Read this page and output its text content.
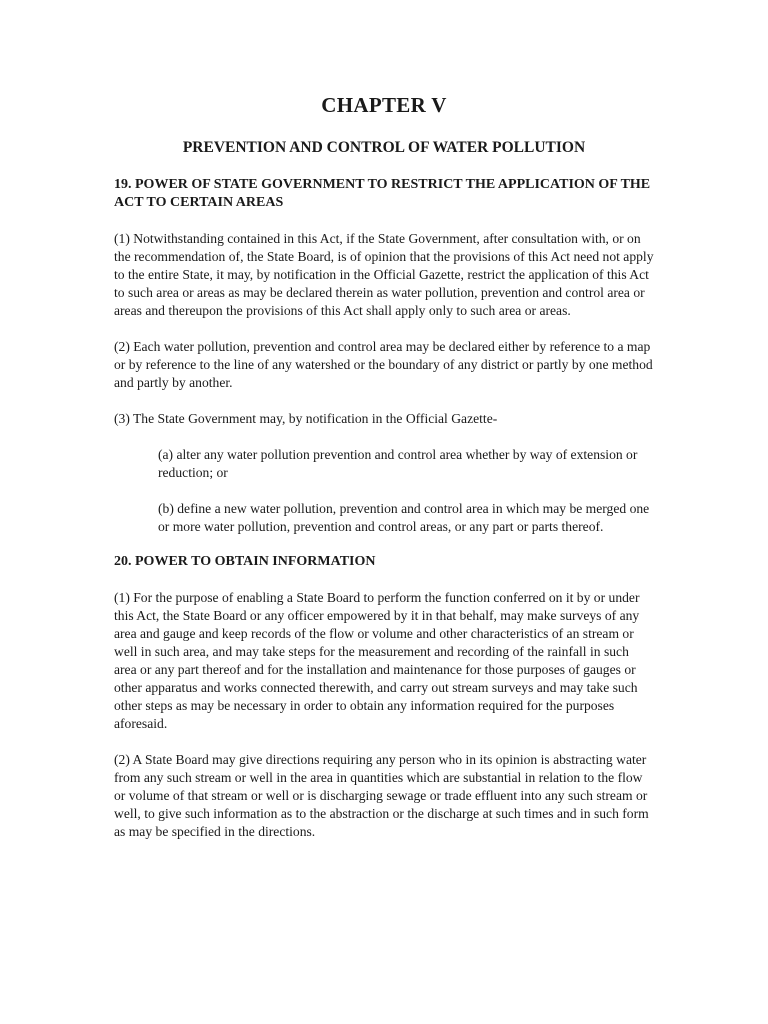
CHAPTER V
PREVENTION AND CONTROL OF WATER POLLUTION

19. POWER OF STATE GOVERNMENT TO RESTRICT THE APPLICATION OF THE ACT TO CERTAIN AREAS

(1) Notwithstanding contained in this Act, if the State Government, after consultation with, or on the recommendation of, the State Board, is of opinion that the provisions of this Act need not apply to the entire State, it may, by notification in the Official Gazette, restrict the application of this Act to such area or areas as may be declared therein as water pollution, prevention and control area or areas and thereupon the provisions of this Act shall apply only to such area or areas.

(2) Each water pollution, prevention and control area may be declared either by reference to a map or by reference to the line of any watershed or the boundary of any district or partly by one method and partly by another.

(3) The State Government may, by notification in the Official Gazette-

(a) alter any water pollution prevention and control area whether by way of extension or reduction; or

(b) define a new water pollution, prevention and control area in which may be merged one or more water pollution, prevention and control areas, or any part or parts thereof.

20. POWER TO OBTAIN INFORMATION

(1) For the purpose of enabling a State Board to perform the function conferred on it by or under this Act, the State Board or any officer empowered by it in that behalf, may make surveys of any area and gauge and keep records of the flow or volume and other characteristics of an stream or well in such area, and may take steps for the measurement and recording of the rainfall in such area or any part thereof and for the installation and maintenance for those purposes of gauges or other apparatus and works connected therewith, and carry out stream surveys and may take such other steps as may be necessary in order to obtain any information required for the purposes aforesaid.

(2) A State Board may give directions requiring any person who in its opinion is abstracting water from any such stream or well in the area in quantities which are substantial in relation to the flow or volume of that stream or well or is discharging sewage or trade effluent into any such stream or well, to give such information as to the abstraction or the discharge at such times and in such form as may be specified in the directions.
